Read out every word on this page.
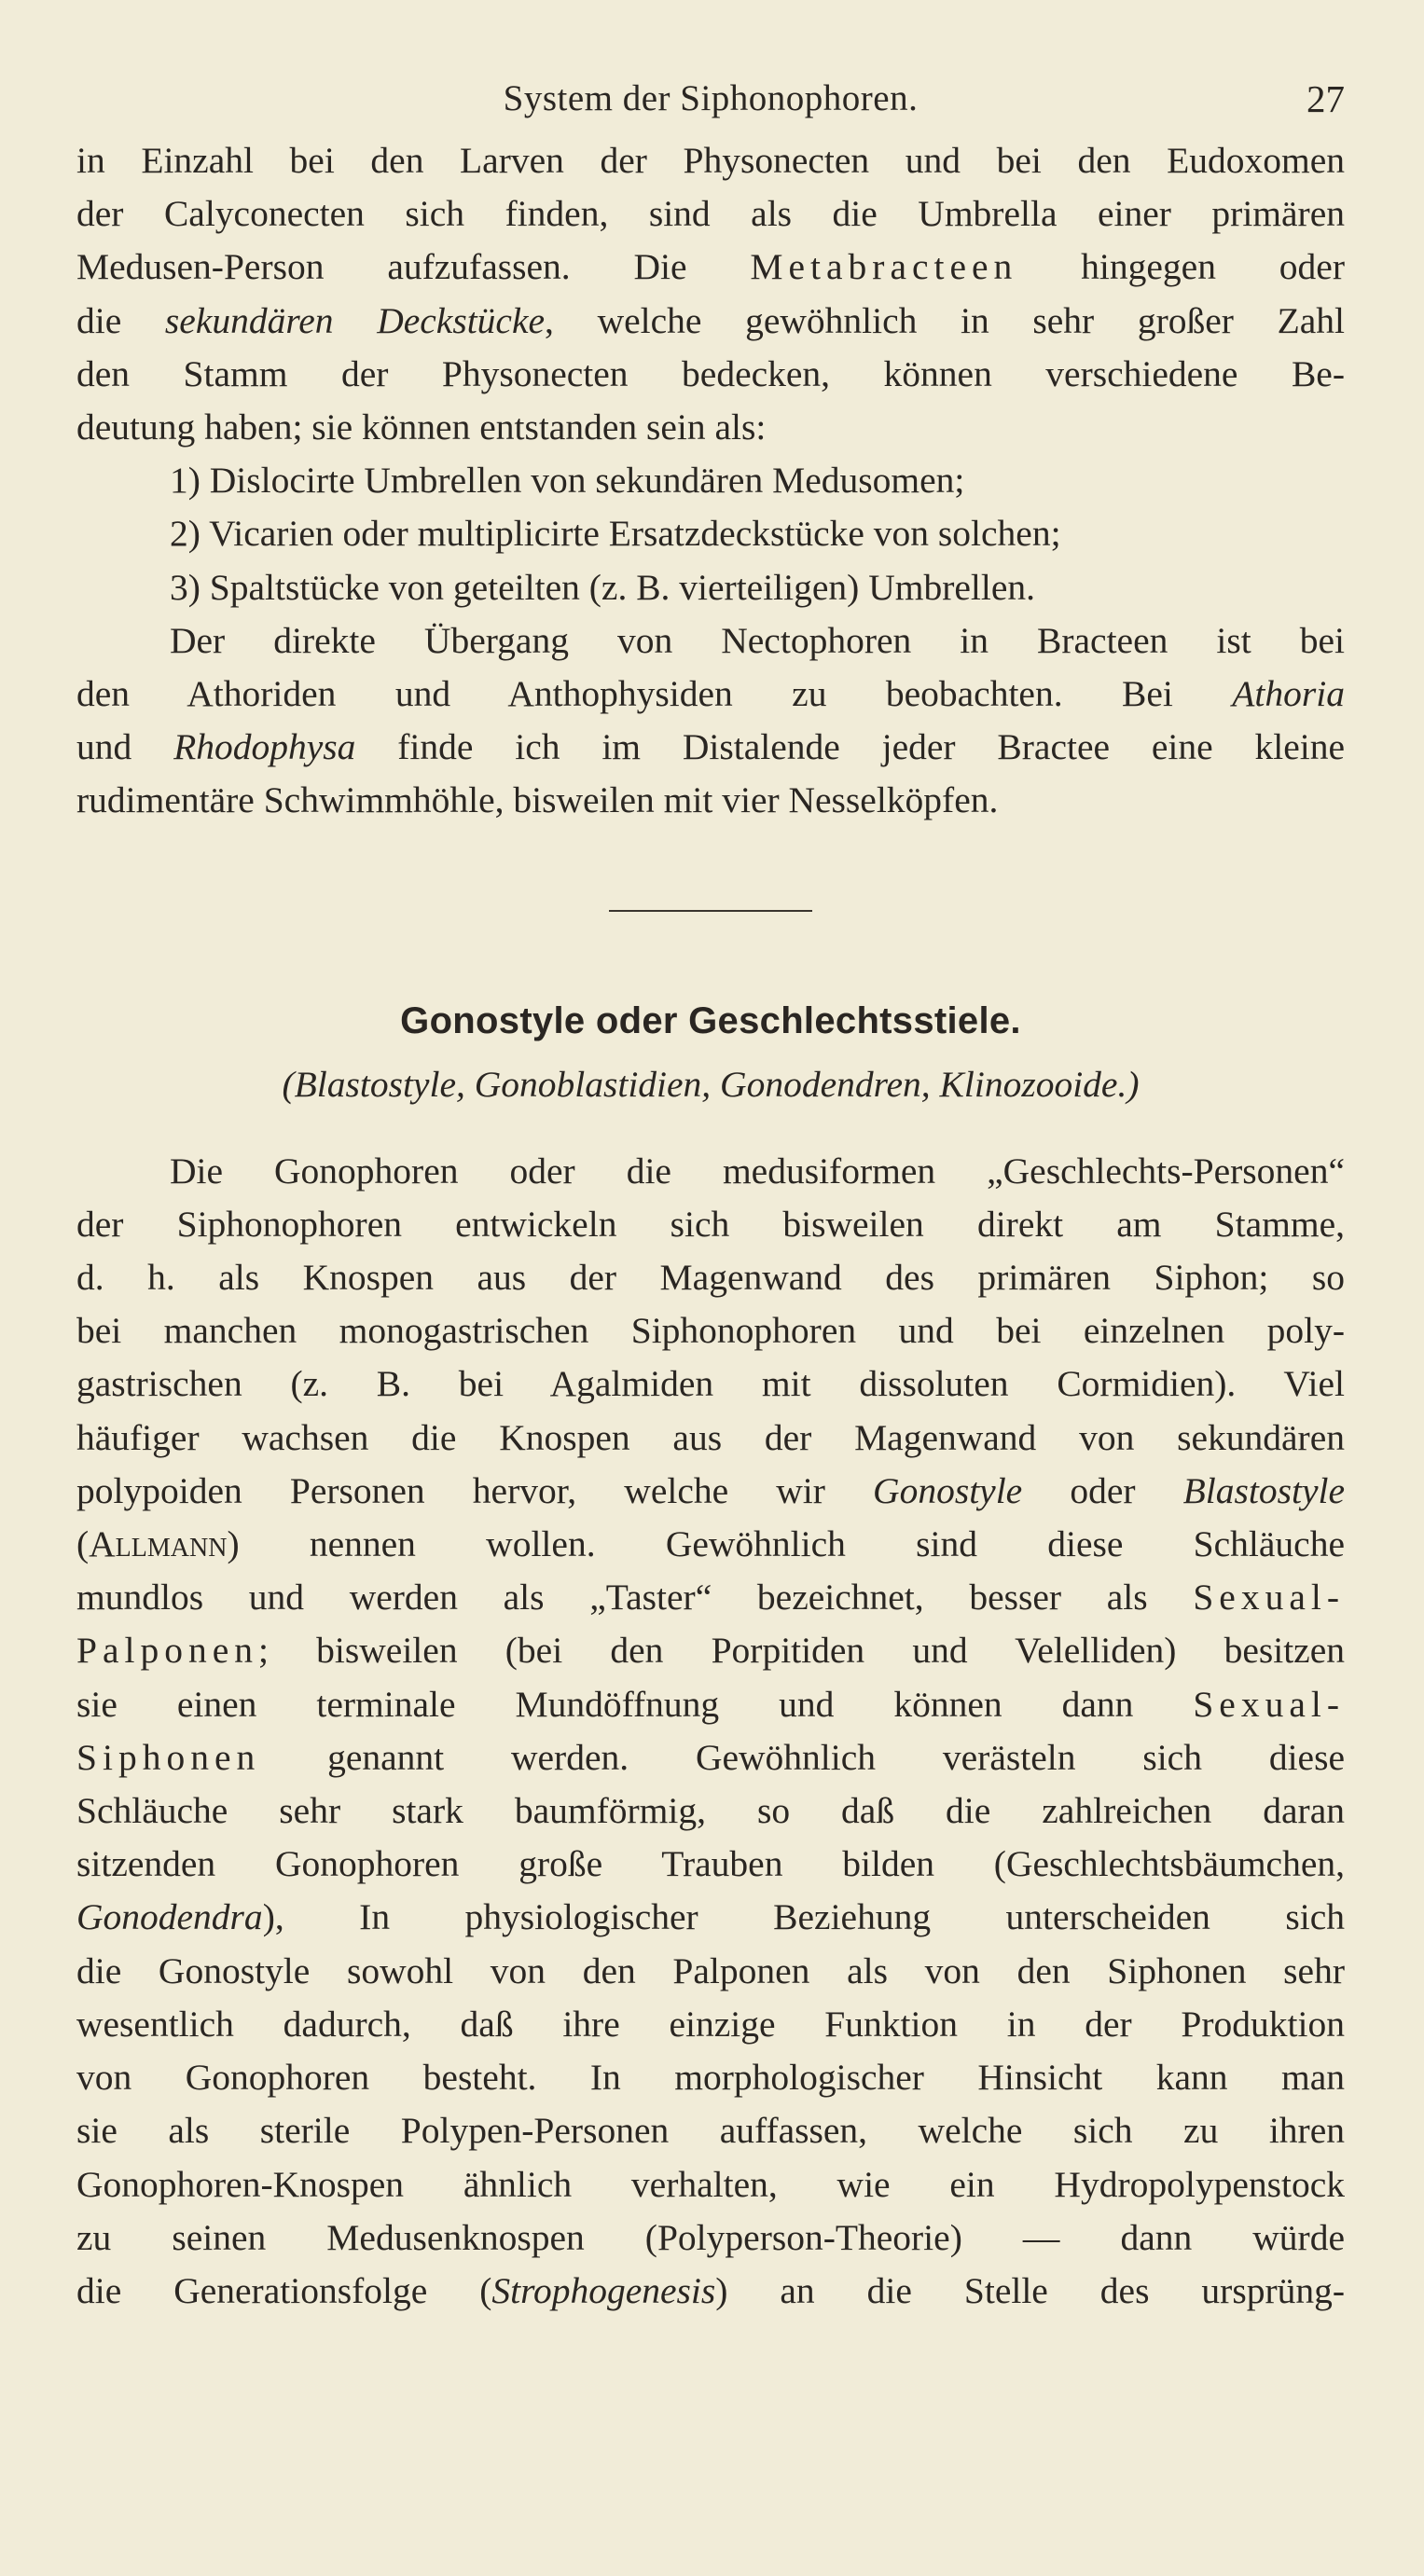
System der Siphonophoren.	27
in Einzahl bei den Larven der Physonecten und bei den Eudoxomen
der Calyconecten sich finden, sind als die Umbrella einer primären
Medusen-Person aufzufassen. Die Metabracteen hingegen oder
die sekundären Deckstücke, welche gewöhnlich in sehr großer Zahl
den Stamm der Physonecten bedecken, können verschiedene Be-
deutung haben; sie können entstanden sein als:
1) Dislocirte Umbrellen von sekundären Medusomen;
2) Vicarien oder multiplicirte Ersatzdeckstücke von solchen;
3) Spaltstücke von geteilten (z. B. vierteiligen) Umbrellen.
Der direkte Übergang von Nectophoren in Bracteen ist bei
den Athoriden und Anthophysiden zu beobachten. Bei Athoria
und Rhodophysa finde ich im Distalende jeder Bractee eine kleine
rudimentäre Schwimmhöhle, bisweilen mit vier Nesselköpfen.
Gonostyle oder Geschlechtsstiele.
(Blastostyle, Gonoblastidien, Gonodendren, Klinozooide.)
Die Gonophoren oder die medusiformen „Geschlechts-Personen“
der Siphonophoren entwickeln sich bisweilen direkt am Stamme,
d. h. als Knospen aus der Magenwand des primären Siphon; so
bei manchen monogastrischen Siphonophoren und bei einzelnen poly-
gastrischen (z. B. bei Agalmiden mit dissoluten Cormidien). Viel
häufiger wachsen die Knospen aus der Magenwand von sekundären
polypoiden Personen hervor, welche wir Gonostyle oder Blastostyle
(Allmann) nennen wollen. Gewöhnlich sind diese Schläuche
mundlos und werden als „Taster“ bezeichnet, besser als Sexual-
Palponen; bisweilen (bei den Porpitiden und Velelliden) besitzen
sie einen terminale Mundöffnung und können dann Sexual-
Siphonen genannt werden. Gewöhnlich verästeln sich diese
Schläuche sehr stark baumförmig, so daß die zahlreichen daran
sitzenden Gonophoren große Trauben bilden (Geschlechtsbäumchen,
Gonodendra), In physiologischer Beziehung unterscheiden sich
die Gonostyle sowohl von den Palponen als von den Siphonen sehr
wesentlich dadurch, daß ihre einzige Funktion in der Produktion
von Gonophoren besteht. In morphologischer Hinsicht kann man
sie als sterile Polypen-Personen auffassen, welche sich zu ihren
Gonophoren-Knospen ähnlich verhalten, wie ein Hydropolypenstock
zu seinen Medusenknospen (Polyperson-Theorie) — dann würde
die Generationsfolge (Strophogenesis) an die Stelle des ursprüng-
